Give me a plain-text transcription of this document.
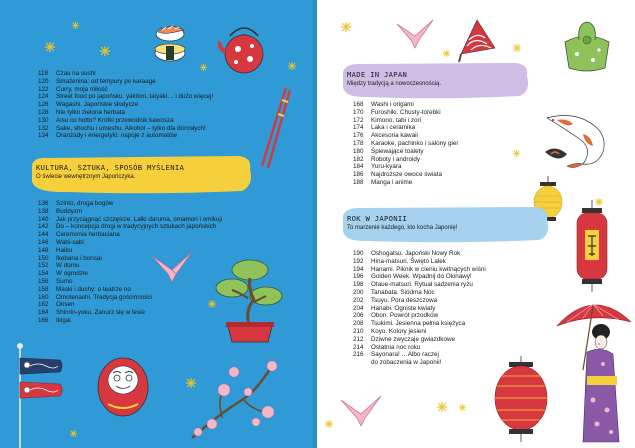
118	Czas na sushi
120	Smażenina: od tempury po karaage
122	Curry, moja miłość
124	Street food po japońsku: yakitori, taiyaki… i dużo więcej!
126	Wagashi. Japońskie słodycze
128	Nie tylko zielona herbata
130	Aisu co hotto? Krótki przewodnik kawosza
132	Sake, shochu i umeshu. Alkohol – tylko dla dorosłych!
134	Oranżady i energetyki: napoje z automatów
KULTURA, SZTUKA, SPOSÓB MYŚLENIA
O świecie wewnętrznym Japończyka.
136	Szinto, droga bogów
138	Buddyzm
140	Jak przyciągnąć szczęście. Lalki daruma, omamori i omikuji
142	Do – koncepcja drogi w tradycyjnych sztukach japońskich
144	Ceremonia herbaciana
146	Wabi-sabi
148	Haiku
150	Ikebana i bonsai
152	W domu
154	W ogrodzie
156	Sumo
158	Maski i duchy: o teatrze no
160	Omotenashi. Tradycja gościnności
162	Onsen
164	Shinrin-yoku. Zanurz się w lesie
166	Ikigai
MADE IN JAPAN
Między tradycją a nowoczesnością.
168	Washi i origami
170	Furoshiki. Chusty-torebki
172	Kimono, tabi i zori
174	Laka i ceramika
176	Akcesoria kawaii
178	Karaoke, pachinko i salony gier
180	Śpiewające toalety
182	Roboty i androidy
184	Yuru-kyara
186	Najdroższe owoce świata
188	Manga i anime
ROK W JAPONII
To marzenie każdego, kto kocha Japonię!
190	Oshogatsu. Japoński Nowy Rok
192	Hina-matsuri. Święto Lalek
194	Hanami. Piknik w cieniu kwitnących wiśni
196	Golden Week. Wpadnij do Okinawy!
198	Otaue-matsuri. Rytuał sadzenia ryżu
200	Tanabata. Siódma Noc
202	Tsuyu. Pora deszczowa
204	Hanabi. Ogniste kwiaty
206	Obon. Powrót przodków
208	Tsukimi. Jesienna pełnia księżyca
210	Koyo. Kolory jesieni
212	Dziwne zwyczaje gwiazdkowe
214	Ostatnia noc roku
216	Sayonara! …Albo raczej
do zobaczenia w Japonii!
